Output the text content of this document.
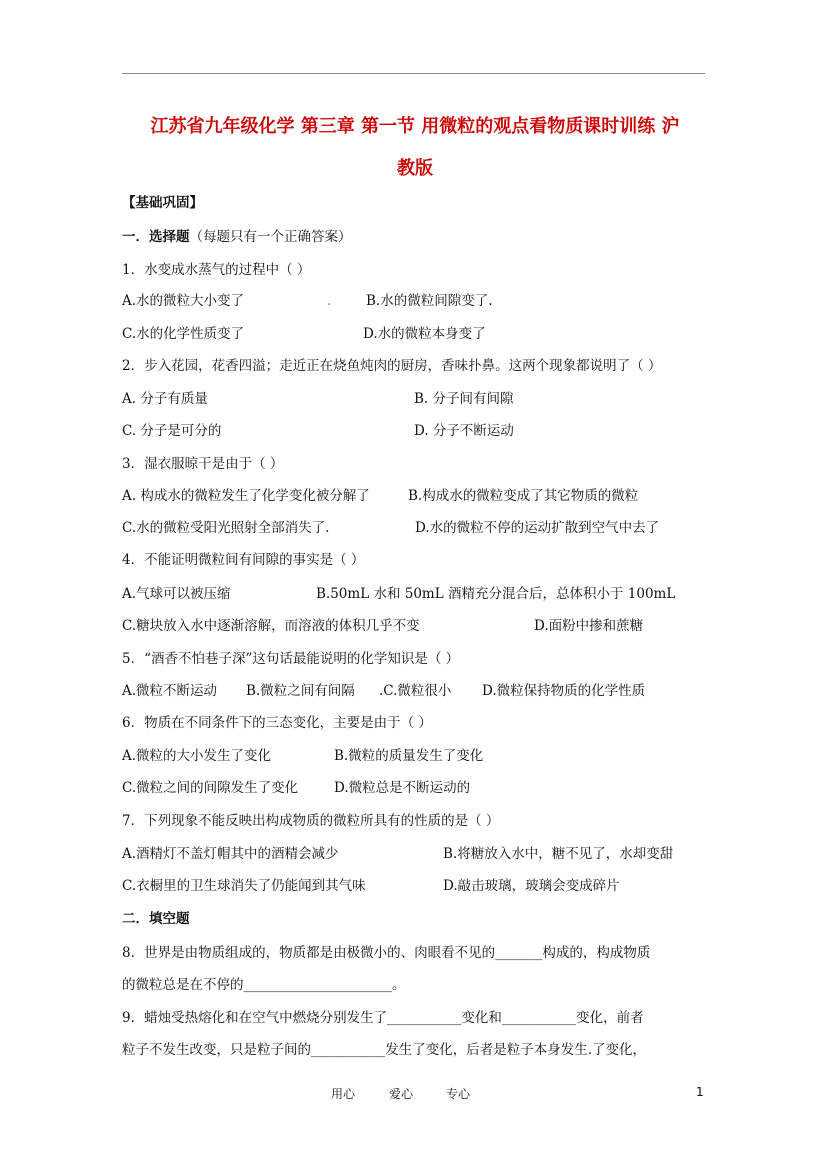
江苏省九年级化学 第三章 第一节 用微粒的观点看物质课时训练 沪
教版
【基础巩固】
一．选择题（每题只有一个正确答案）
1．水变成水蒸气的过程中（ ）
A.水的微粒大小变了	.	B.水的微粒间隙变了.
C.水的化学性质变了	D.水的微粒本身变了
2．步入花园，花香四溢；走近正在烧鱼炖肉的厨房，香味扑鼻。这两个现象都说明了（ ）
A. 分子有质量	B. 分子间有间隙
C. 分子是可分的	D. 分子不断运动
3．湿衣服晾干是由于（ ）
A. 构成水的微粒发生了化学变化被分解了	B.构成水的微粒变成了其它物质的微粒
C.水的微粒受阳光照射全部消失了.	D.水的微粒不停的运动扩散到空气中去了
4．不能证明微粒间有间隙的事实是（ ）
A.气球可以被压缩	B.50mL 水和 50mL 酒精充分混合后，总体积小于 100mL
C.糖块放入水中逐渐溶解，而溶液的体积几乎不变	D.面粉中掺和蔗糖
5．“酒香不怕巷子深”这句话最能说明的化学知识是（ ）
A.微粒不断运动 B.微粒之间有间隔 .C.微粒很小 D.微粒保持物质的化学性质
6．物质在不同条件下的三态变化，主要是由于（ ）
A.微粒的大小发生了变化	B.微粒的质量发生了变化
C.微粒之间的间隙发生了变化	D.微粒总是不断运动的
7．下列现象不能反映出构成物质的微粒所具有的性质的是（ ）
A.酒精灯不盖灯帽其中的酒精会减少	B.将糖放入水中，糖不见了，水却变甜
C.衣橱里的卫生球消失了仍能闻到其气味	D.敲击玻璃，玻璃会变成碎片
二．填空题
8．世界是由物质组成的，物质都是由极微小的、肉眼看不见的_______构成的，构成物质
的微粒总是在不停的______________________。
9．蜡烛受热熔化和在空气中燃烧分别发生了___________变化和___________变化，前者
粒子不发生改变，只是粒子间的___________发生了变化，后者是粒子本身发生.了变化，
用心	爱心	专心	1
